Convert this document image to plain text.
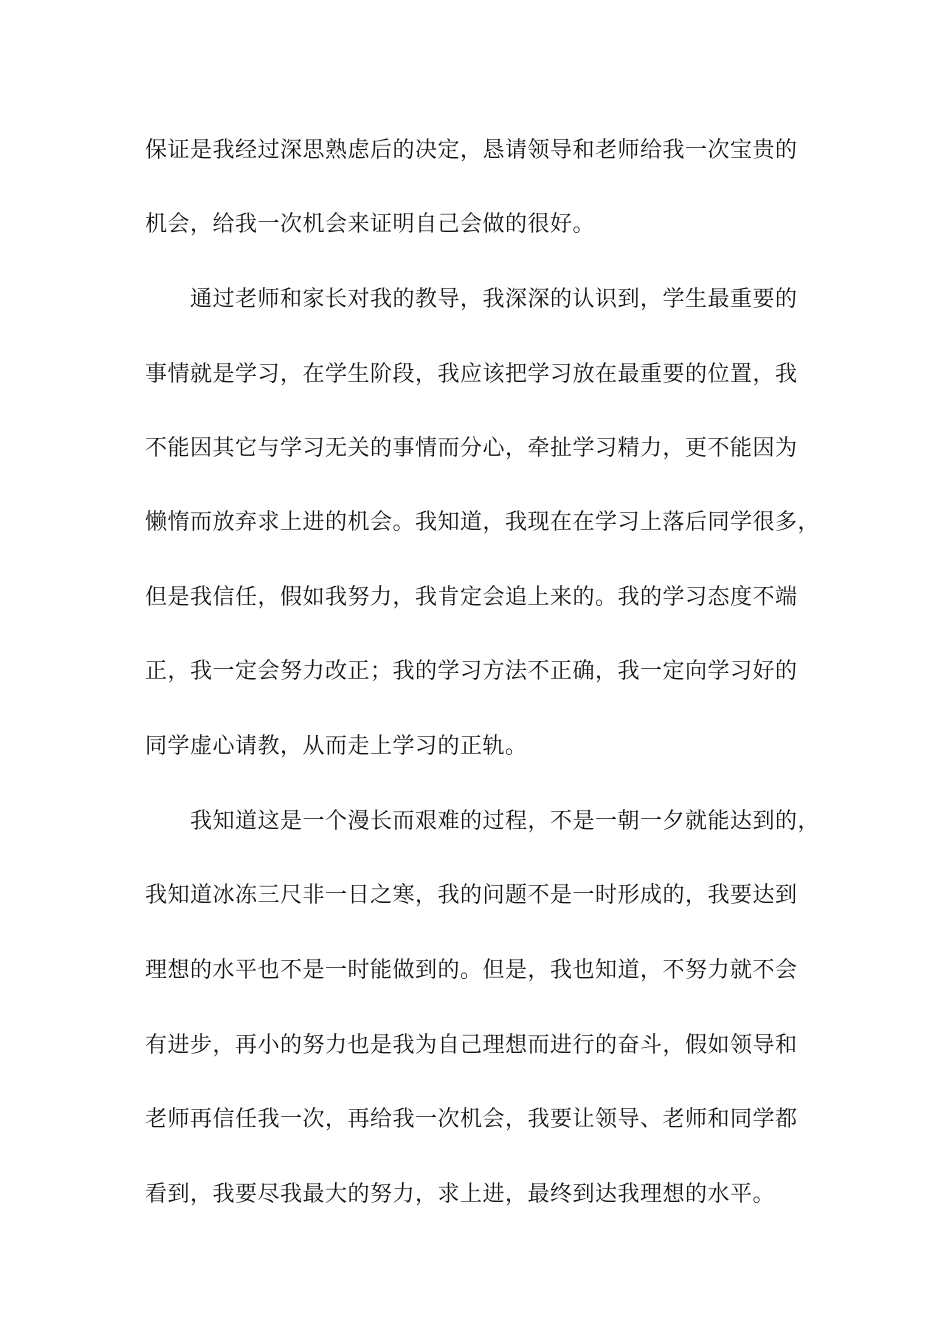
保证是我经过深思熟虑后的决定，恳请领导和老师给我一次宝贵的
机会，给我一次机会来证明自己会做的很好。
通过老师和家长对我的教导，我深深的认识到，学生最重要的
事情就是学习，在学生阶段，我应该把学习放在最重要的位置，我
不能因其它与学习无关的事情而分心，牵扯学习精力，更不能因为
懒惰而放弃求上进的机会。我知道，我现在在学习上落后同学很多，
但是我信任，假如我努力，我肯定会追上来的。我的学习态度不端
正，我一定会努力改正；我的学习方法不正确，我一定向学习好的
同学虚心请教，从而走上学习的正轨。
我知道这是一个漫长而艰难的过程，不是一朝一夕就能达到的，
我知道冰冻三尺非一日之寒，我的问题不是一时形成的，我要达到
理想的水平也不是一时能做到的。但是，我也知道，不努力就不会
有进步，再小的努力也是我为自己理想而进行的奋斗，假如领导和
老师再信任我一次，再给我一次机会，我要让领导、老师和同学都
看到，我要尽我最大的努力，求上进，最终到达我理想的水平。
